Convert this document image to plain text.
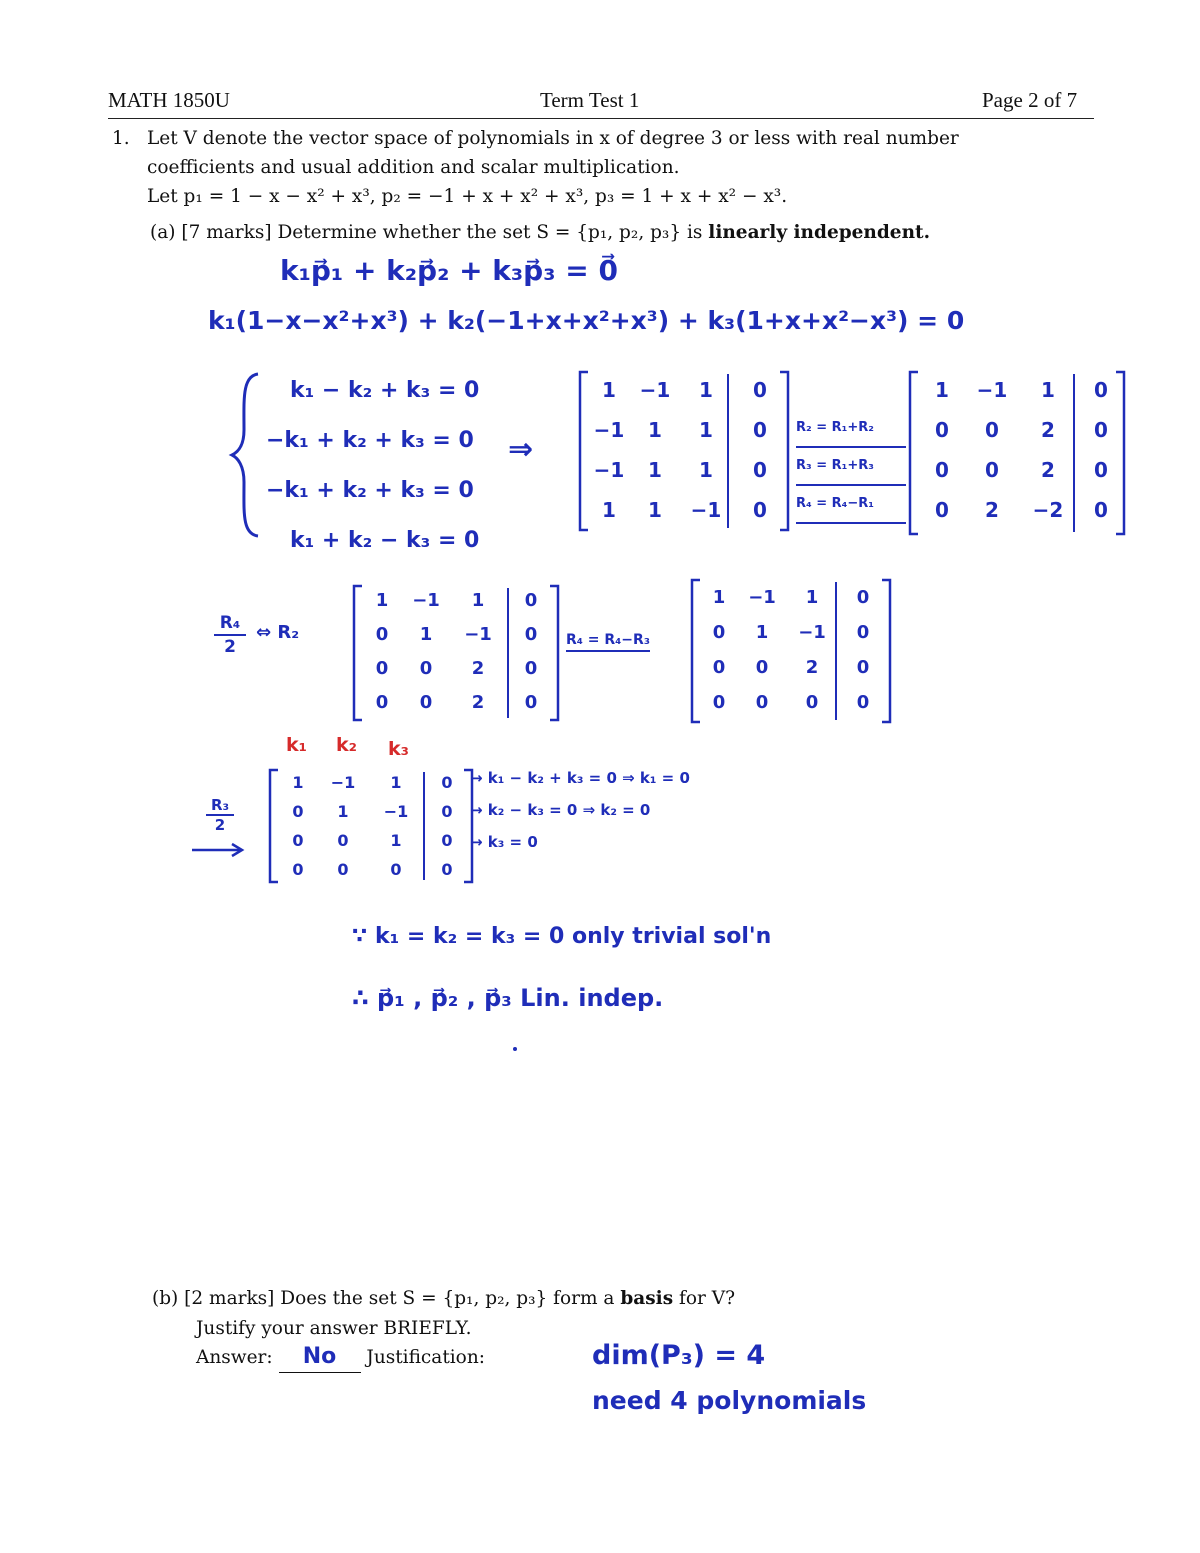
MATH 1850U	Term Test 1	Page 2 of 7
1. Let V denote the vector space of polynomials in x of degree 3 or less with real number
coefficients and usual addition and scalar multiplication.
Let p₁ = 1 − x − x² + x³, p₂ = −1 + x + x² + x³, p₃ = 1 + x + x² − x³.
(a) [7 marks] Determine whether the set S = {p₁, p₂, p₃} is linearly independent.
k₁p⃗₁ + k₂p⃗₂ + k₃p⃗₃ = 0⃗
k₁(1−x−x²+x³) + k₂(−1+x+x²+x³) + k₃(1+x+x²−x³) = 0
k₁ − k₂ + k₃ = 0
−k₁ + k₂ + k₃ = 0
−k₁ + k₂ + k₃ = 0
k₁ + k₂ − k₃ = 0
⇒
1	−1	1	0
−1	1	1	0
−1	1	1	0
1	1	−1	0
R₂ = R₁+R₂
R₃ = R₁+R₃
R₄ = R₄−R₁
1	−1	1	0
0	0	2	0
0	0	2	0
0	2	−2	0
$\frac{\text{R₄}}{2}$ ⇔ R₂
1	−1	1	0
0	1	−1	0
0	0	2	0
0	0	2	0
R₄ = R₄−R₃
1	−1	1	0
0	1	−1	0
0	0	2	0
0	0	0	0
k₁ k₂ k₃
$\frac{\text{R₃}}{2}$
1	−1	1	0
0	1	−1	0
0	0	1	0
0	0	0	0
→ k₁ − k₂ + k₃ = 0 ⇒ k₁ = 0
→ k₂ − k₃ = 0 ⇒ k₂ = 0
→ k₃ = 0
∵ k₁ = k₂ = k₃ = 0 only trivial sol'n
∴ p⃗₁ , p⃗₂ , p⃗₃ Lin. indep.
(b) [2 marks] Does the set S = {p₁, p₂, p₃} form a basis for V?
Justify your answer BRIEFLY.
Answer: No Justification:	dim(P₃) = 4
need 4 polynomials
